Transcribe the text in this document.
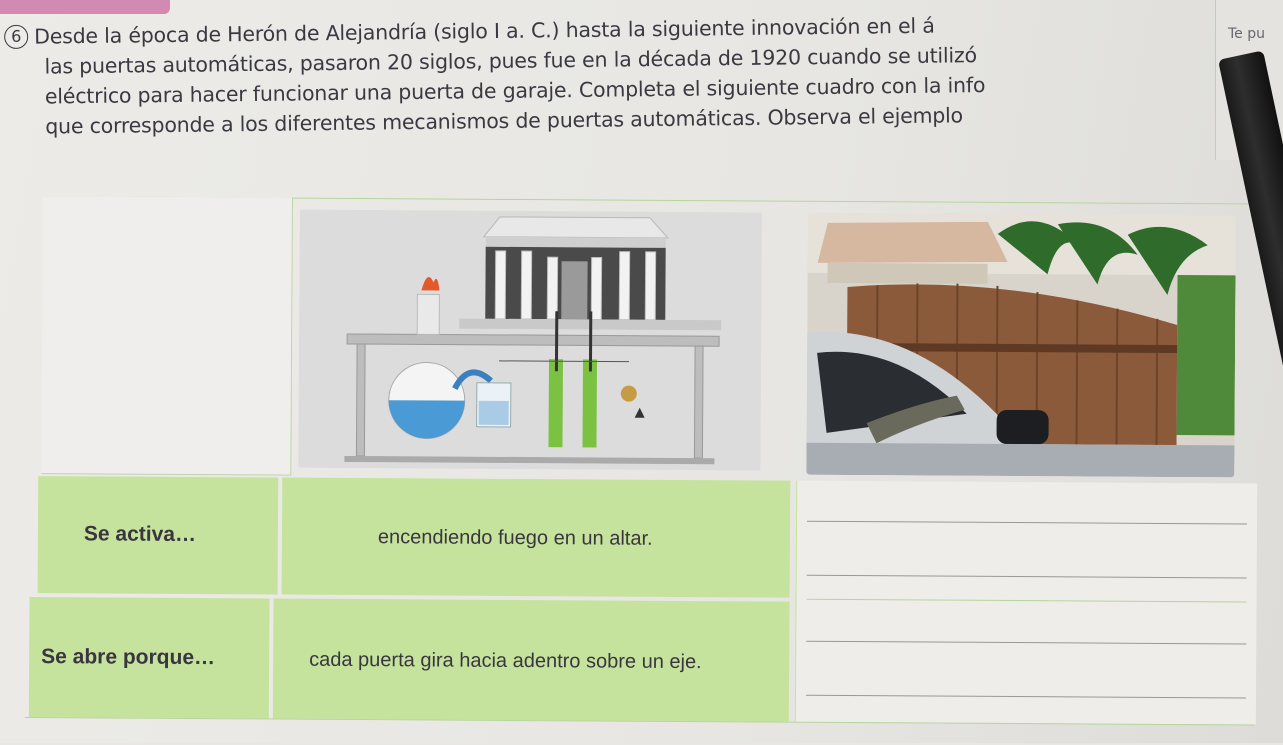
Te pu
6 Desde la época de Herón de Alejandría (siglo I a. C.) hasta la siguiente innovación en el á
las puertas automáticas, pasaron 20 siglos, pues fue en la década de 1920 cuando se utilizó
eléctrico para hacer funcionar una puerta de garaje. Completa el siguiente cuadro con la info
que corresponde a los diferentes mecanismos de puertas automáticas. Observa el ejemplo
Se activa…	encendiendo fuego en un altar.
Se abre porque…	cada puerta gira hacia adentro sobre un eje.
